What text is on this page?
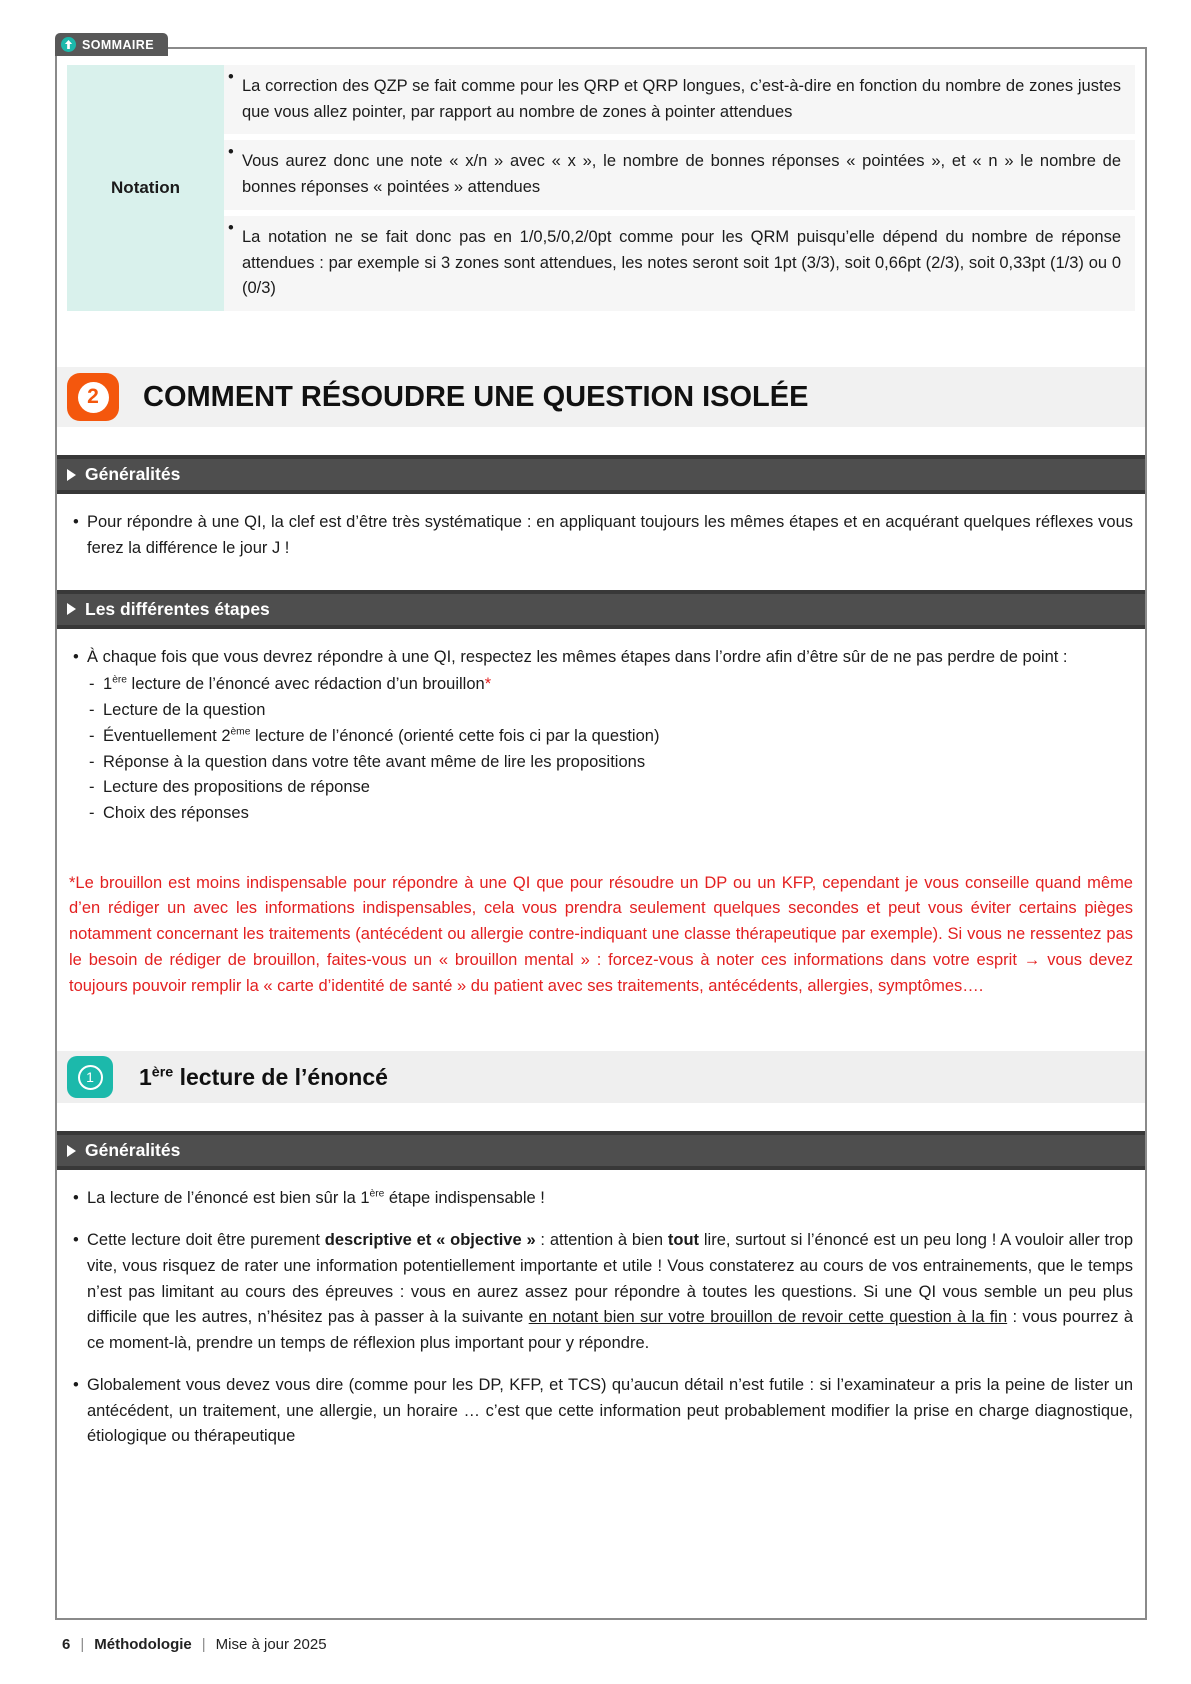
SOMMAIRE
Notation
• La correction des QZP se fait comme pour les QRP et QRP longues, c’est-à-dire en fonction du nombre de zones justes que vous allez pointer, par rapport au nombre de zones à pointer attendues
• Vous aurez donc une note « x/n » avec « x », le nombre de bonnes réponses « pointées », et « n » le nombre de bonnes réponses « pointées » attendues
• La notation ne se fait donc pas en 1/0,5/0,2/0pt comme pour les QRM puisqu’elle dépend du nombre de réponse attendues : par exemple si 3 zones sont attendues, les notes seront soit 1pt (3/3), soit 0,66pt (2/3), soit 0,33pt (1/3) ou 0 (0/3)
2	COMMENT RÉSOUDRE UNE QUESTION ISOLÉE
Généralités
• Pour répondre à une QI, la clef est d’être très systématique : en appliquant toujours les mêmes étapes et en acquérant quelques réflexes vous ferez la différence le jour J !
Les différentes étapes
• À chaque fois que vous devrez répondre à une QI, respectez les mêmes étapes dans l’ordre afin d’être sûr de ne pas perdre de point :
- 1ère lecture de l’énoncé avec rédaction d’un brouillon*
- Lecture de la question
- Éventuellement 2ème lecture de l’énoncé (orienté cette fois ci par la question)
- Réponse à la question dans votre tête avant même de lire les propositions
- Lecture des propositions de réponse
- Choix des réponses
*Le brouillon est moins indispensable pour répondre à une QI que pour résoudre un DP ou un KFP, cependant je vous conseille quand même d’en rédiger un avec les informations indispensables, cela vous prendra seulement quelques secondes et peut vous éviter certains pièges notamment concernant les traitements (antécédent ou allergie contre-indiquant une classe thérapeutique par exemple). Si vous ne ressentez pas le besoin de rédiger de brouillon, faites-vous un « brouillon mental » : forcez-vous à noter ces informations dans votre esprit → vous devez toujours pouvoir remplir la « carte d’identité de santé » du patient avec ses traitements, antécédents, allergies, symptômes….
1	1ère lecture de l’énoncé
Généralités
• La lecture de l’énoncé est bien sûr la 1ère étape indispensable !
• Cette lecture doit être purement descriptive et « objective » : attention à bien tout lire, surtout si l’énoncé est un peu long ! A vouloir aller trop vite, vous risquez de rater une information potentiellement importante et utile ! Vous constaterez au cours de vos entrainements, que le temps n’est pas limitant au cours des épreuves : vous en aurez assez pour répondre à toutes les questions. Si une QI vous semble un peu plus difficile que les autres, n’hésitez pas à passer à la suivante en notant bien sur votre brouillon de revoir cette question à la fin : vous pourrez à ce moment-là, prendre un temps de réflexion plus important pour y répondre.
• Globalement vous devez vous dire (comme pour les DP, KFP, et TCS) qu’aucun détail n’est futile : si l’examinateur a pris la peine de lister un antécédent, un traitement, une allergie, un horaire … c’est que cette information peut probablement modifier la prise en charge diagnostique, étiologique ou thérapeutique
6 | Méthodologie | Mise à jour 2025
